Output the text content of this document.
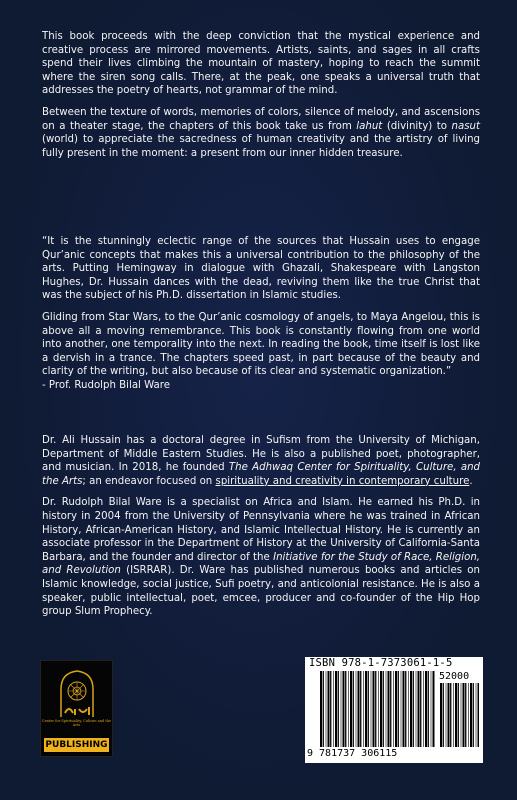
This book proceeds with the deep conviction that the mystical experience and creative process are mirrored movements. Artists, saints, and sages in all crafts spend their lives climbing the mountain of mastery, hoping to reach the summit where the siren song calls. There, at the peak, one speaks a universal truth that addresses the poetry of hearts, not grammar of the mind.

Between the texture of words, memories of colors, silence of melody, and ascensions on a theater stage, the chapters of this book take us from lahut (divinity) to nasut (world) to appreciate the sacredness of human creativity and the artistry of living fully present in the moment: a present from our inner hidden treasure.

“It is the stunningly eclectic range of the sources that Hussain uses to engage Qur’anic concepts that makes this a universal contribution to the philosophy of the arts. Putting Hemingway in dialogue with Ghazali, Shakespeare with Langston Hughes, Dr. Hussain dances with the dead, reviving them like the true Christ that was the subject of his Ph.D. dissertation in Islamic studies.

Gliding from Star Wars, to the Qur’anic cosmology of angels, to Maya Angelou, this is above all a moving remembrance. This book is constantly flowing from one world into another, one temporality into the next. In reading the book, time itself is lost like a dervish in a trance. The chapters speed past, in part because of the beauty and clarity of the writing, but also because of its clear and systematic organization.”

- Prof. Rudolph Bilal Ware

Dr. Ali Hussain has a doctoral degree in Sufism from the University of Michigan, Department of Middle Eastern Studies. He is also a published poet, photographer, and musician. In 2018, he founded The Adhwaq Center for Spirituality, Culture, and the Arts; an endeavor focused on spirituality and creativity in contemporary culture.

Dr. Rudolph Bilal Ware is a specialist on Africa and Islam. He earned his Ph.D. in history in 2004 from the University of Pennsylvania where he was trained in African History, African-American History, and Islamic Intellectual History. He is currently an associate professor in the Department of History at the University of California-Santa Barbara, and the founder and director of the Initiative for the Study of Race, Religion, and Revolution (ISRRAR). Dr. Ware has published numerous books and articles on Islamic knowledge, social justice, Sufi poetry, and anticolonial resistance. He is also a speaker, public intellectual, poet, emcee, producer and co-founder of the Hip Hop group Slum Prophecy.

Center for Spirituality, Culture and the Arts
PUBLISHING
ISBN 978-1-7373061-1-5
52000
9 781737 306115
